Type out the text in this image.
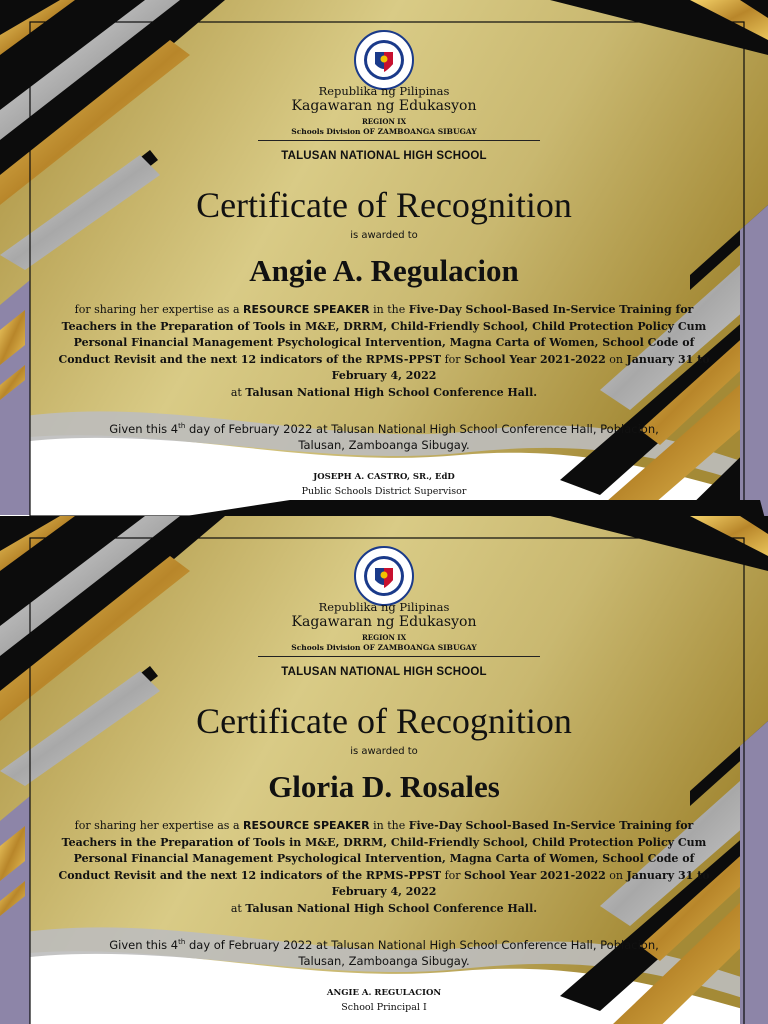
Republika ng Pilipinas
Kagawaran ng Edukasyon
REGION IX
Schools Division OF ZAMBOANGA SIBUGAY
TALUSAN NATIONAL HIGH SCHOOL
Certificate of Recognition
is awarded to
Angie A. Regulacion
for sharing her expertise as a RESOURCE SPEAKER in the Five-Day School-Based In-Service Training for Teachers in the Preparation of Tools in M&E, DRRM, Child-Friendly School, Child Protection Policy Cum Personal Financial Management Psychological Intervention, Magna Carta of Women, School Code of Conduct Revisit and the next 12 indicators of the RPMS-PPST for School Year 2021-2022 on January 31 to February 4, 2022
at Talusan National High School Conference Hall.
Given this 4th day of February 2022 at Talusan National High School Conference Hall, Poblacion, Talusan, Zamboanga Sibugay.
JOSEPH A. CASTRO, SR., EdD
Public Schools District Supervisor
Republika ng Pilipinas
Kagawaran ng Edukasyon
REGION IX
Schools Division OF ZAMBOANGA SIBUGAY
TALUSAN NATIONAL HIGH SCHOOL
Certificate of Recognition
is awarded to
Gloria D. Rosales
for sharing her expertise as a RESOURCE SPEAKER in the Five-Day School-Based In-Service Training for Teachers in the Preparation of Tools in M&E, DRRM, Child-Friendly School, Child Protection Policy Cum Personal Financial Management Psychological Intervention, Magna Carta of Women, School Code of Conduct Revisit and the next 12 indicators of the RPMS-PPST for School Year 2021-2022 on January 31 to February 4, 2022
at Talusan National High School Conference Hall.
Given this 4th day of February 2022 at Talusan National High School Conference Hall, Poblacion, Talusan, Zamboanga Sibugay.
ANGIE A. REGULACION
School Principal I
